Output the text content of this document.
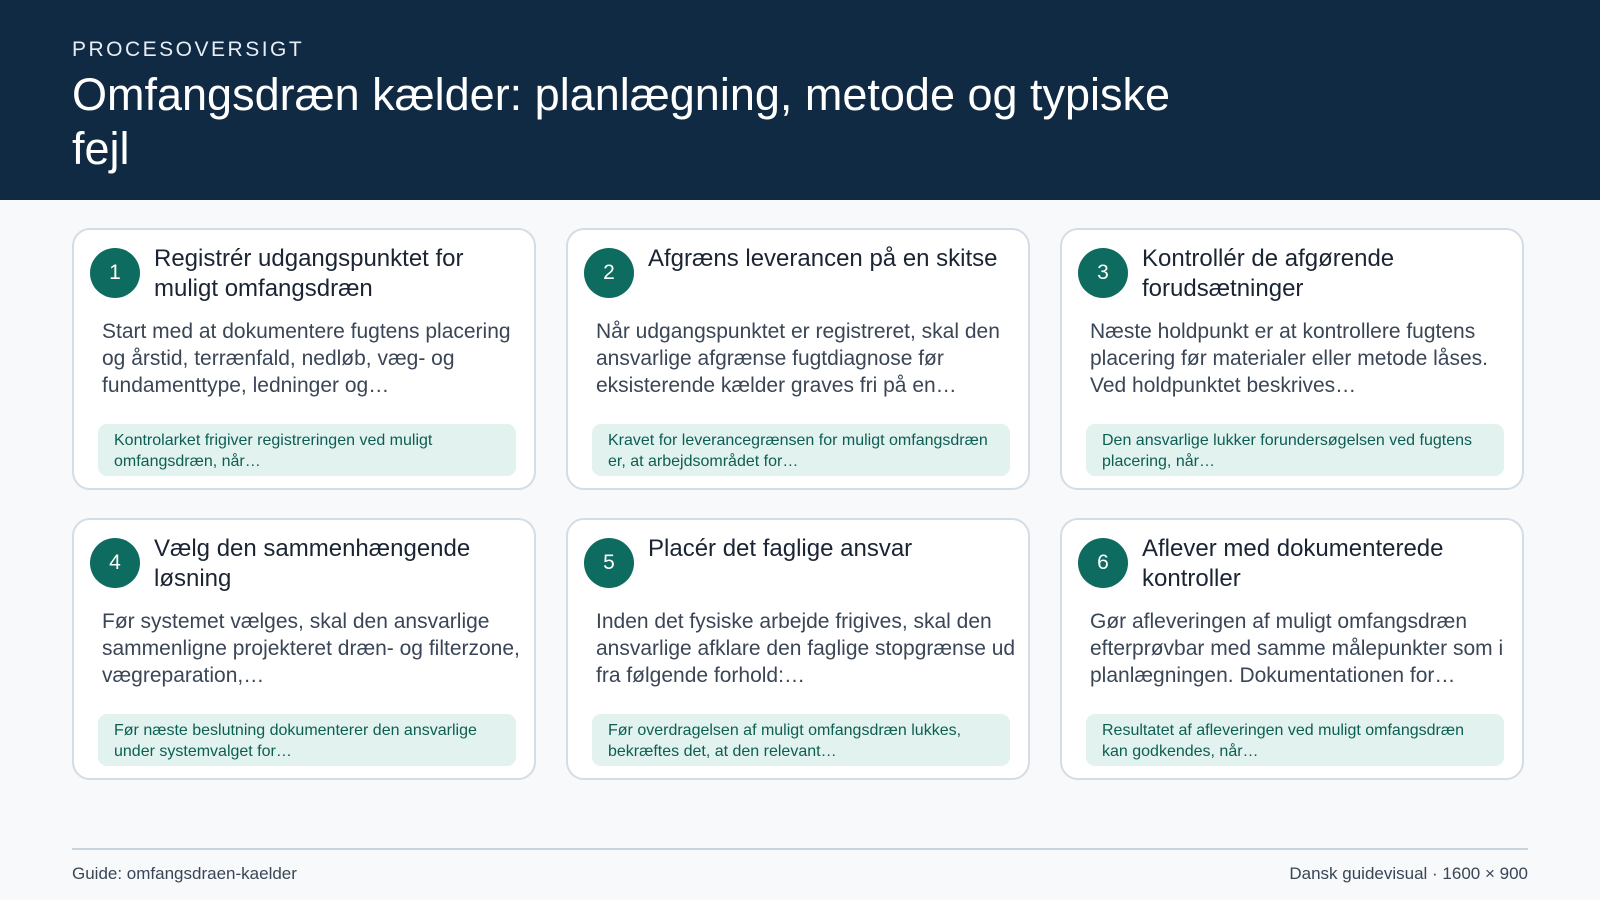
PROCESOVERSIGT
Omfangsdræn kælder: planlægning, metode og typiske fejl
1
Registrér udgangspunktet for muligt omfangsdræn
Start med at dokumentere fugtens placering og årstid, terrænfald, nedløb, væg- og fundamenttype, ledninger og…
Kontrolarket frigiver registreringen ved muligt omfangsdræn, når…
2
Afgræns leverancen på en skitse
Når udgangspunktet er registreret, skal den ansvarlige afgrænse fugtdiagnose før eksisterende kælder graves fri på en…
Kravet for leverancegrænsen for muligt omfangsdræn er, at arbejdsområdet for…
3
Kontrollér de afgørende forudsætninger
Næste holdpunkt er at kontrollere fugtens placering før materialer eller metode låses. Ved holdpunktet beskrives…
Den ansvarlige lukker forundersøgelsen ved fugtens placering, når…
4
Vælg den sammenhængende løsning
Før systemet vælges, skal den ansvarlige sammenligne projekteret dræn- og filterzone, vægreparation,…
Før næste beslutning dokumenterer den ansvarlige under systemvalget for…
5
Placér det faglige ansvar
Inden det fysiske arbejde frigives, skal den ansvarlige afklare den faglige stopgrænse ud fra følgende forhold:…
Før overdragelsen af muligt omfangsdræn lukkes, bekræftes det, at den relevant…
6
Aflever med dokumenterede kontroller
Gør afleveringen af muligt omfangsdræn efterprøvbar med samme målepunkter som i planlægningen. Dokumentationen for…
Resultatet af afleveringen ved muligt omfangsdræn kan godkendes, når…
Guide: omfangsdraen-kaelder	Dansk guidevisual · 1600 × 900
